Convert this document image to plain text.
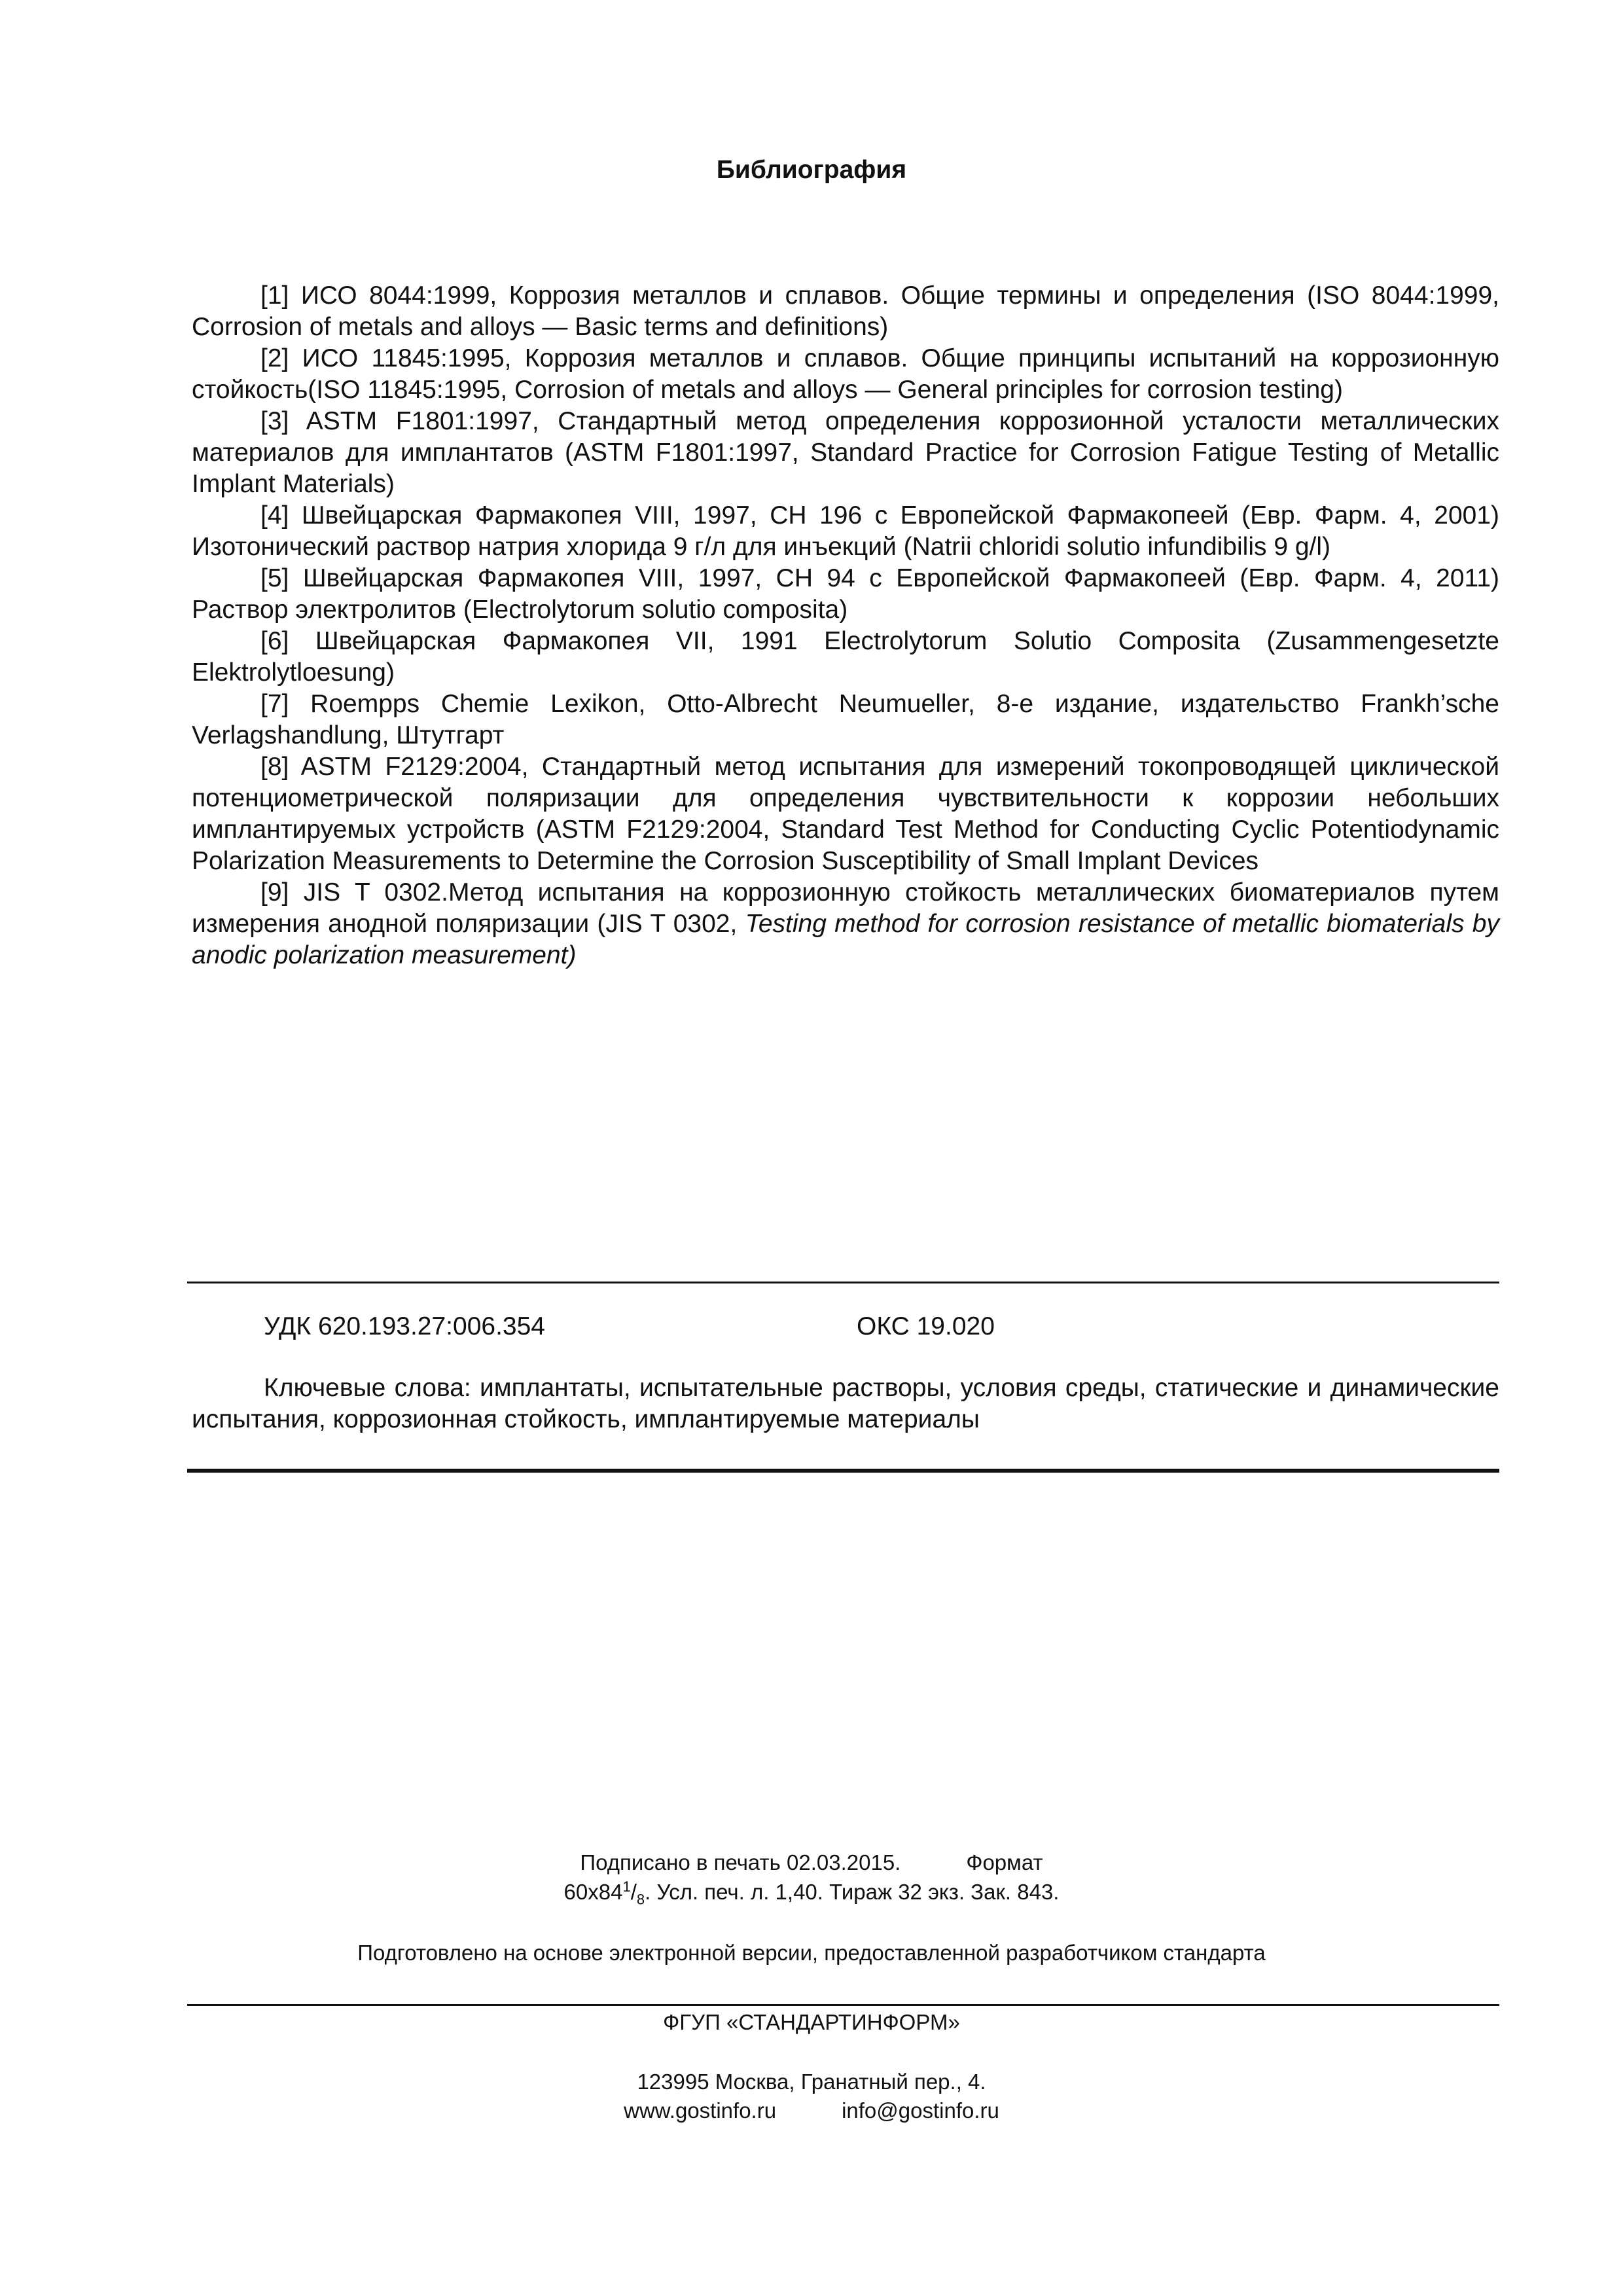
Библиография

[1] ИСО 8044:1999, Коррозия металлов и сплавов. Общие термины и определения (ISO 8044:1999, Corrosion of metals and alloys — Basic terms and definitions)

[2] ИСО 11845:1995, Коррозия металлов и сплавов. Общие принципы испытаний на коррозионную стойкость(ISO 11845:1995, Corrosion of metals and alloys — General principles for corrosion testing)

[3] ASTM F1801:1997, Стандартный метод определения коррозионной усталости металлических материалов для имплантатов (ASTM F1801:1997, Standard Practice for Corrosion Fatigue Testing of Metallic Implant Materials)

[4] Швейцарская Фармакопея VIII, 1997, CH 196 с Европейской Фармакопеей (Евр. Фарм. 4, 2001) Изотонический раствор натрия хлорида 9 г/л для инъекций (Natrii chloridi solutio infundibilis 9 g/l)

[5] Швейцарская Фармакопея VIII, 1997, CH 94 с Европейской Фармакопеей (Евр. Фарм. 4, 2011) Раствор электролитов (Electrolytorum solutio composita)

[6] Швейцарская Фармакопея VII, 1991 Electrolytorum Solutio Composita (Zusammengesetzte Elektrolytloesung)

[7] Roempps Chemie Lexikon, Otto-Albrecht Neumueller, 8-е издание, издательство Frankh’sche Verlagshandlung, Штутгарт

[8] ASTM F2129:2004, Стандартный метод испытания для измерений токопроводящей циклической потенциометрической поляризации для определения чувствительности к коррозии небольших имплантируемых устройств (ASTM F2129:2004, Standard Test Method for Conducting Cyclic Potentiodynamic Polarization Measurements to Determine the Corrosion Susceptibility of Small Implant Devices

[9] JIS T 0302.Метод испытания на коррозионную стойкость металлических биоматериалов путем измерения анодной поляризации (JIS T 0302, Testing method for corrosion resistance of metallic biomaterials by anodic polarization measurement)

УДК 620.193.27:006.354	ОКС 19.020

Ключевые слова: имплантаты, испытательные растворы, условия среды, статические и динамические испытания, коррозионная стойкость, имплантируемые материалы

Подписано в печать 02.03.2015.	Формат
$60х84^1/_8$. Усл. печ. л. 1,40. Тираж 32 экз. Зак. 843.
Подготовлено на основе электронной версии, предоставленной разработчиком стандарта
ФГУП «СТАНДАРТИНФОРМ»
123995 Москва, Гранатный пер., 4.
www.gostinfo.ru	info@gostinfo.ru
